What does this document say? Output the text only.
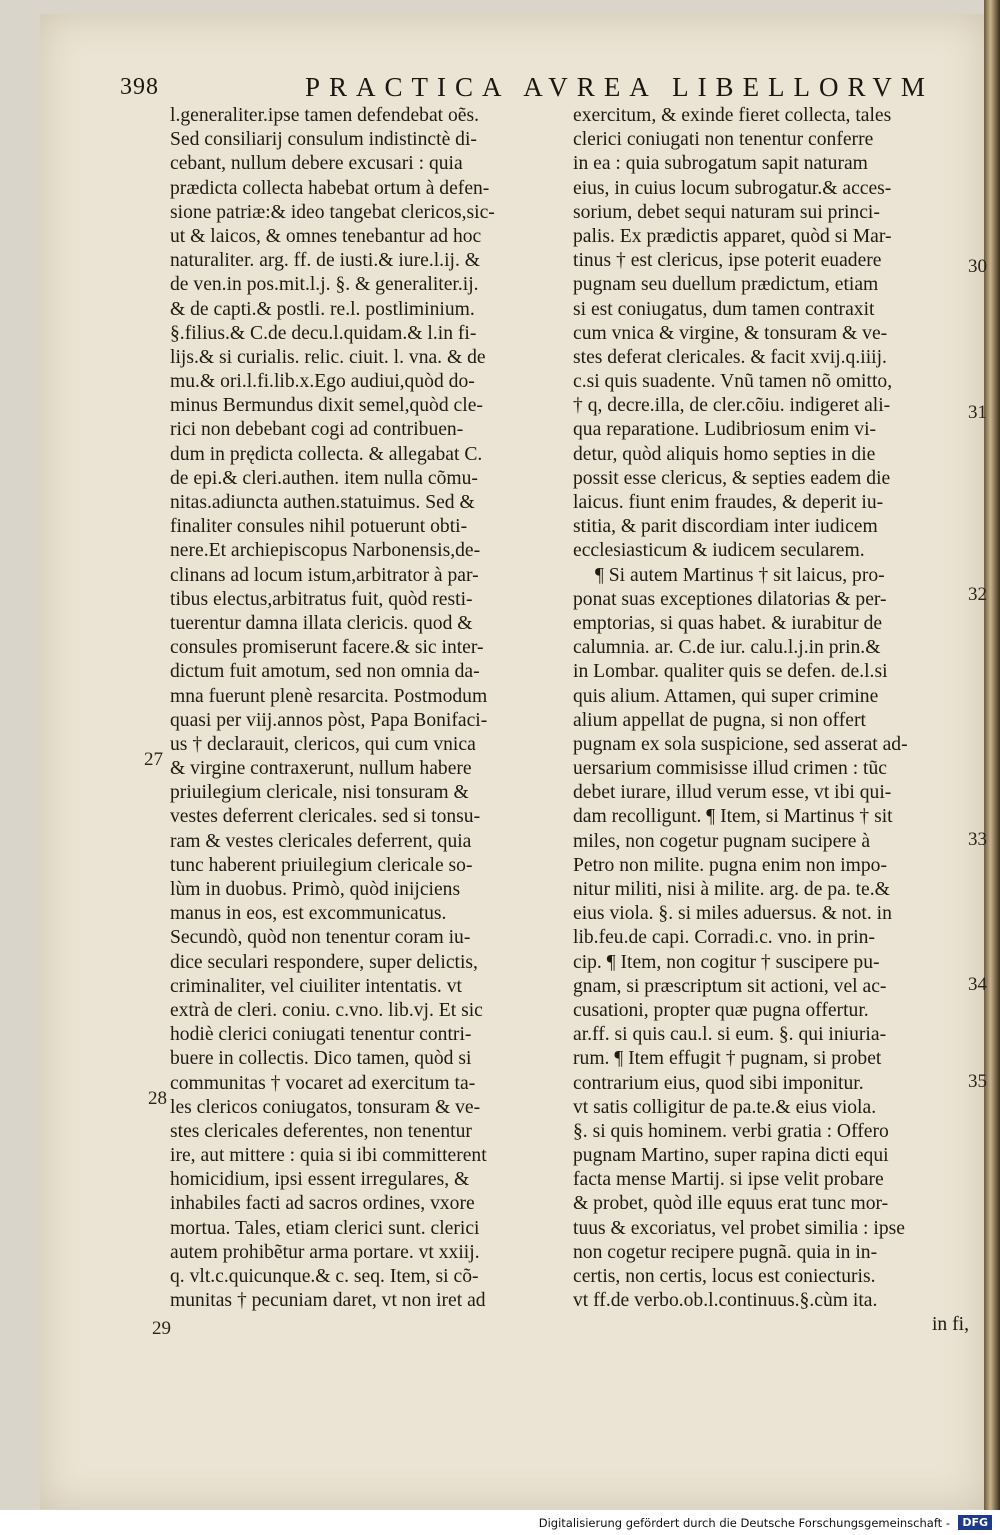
398	PRACTICA AVREA LIBELLORVM
l.generaliter.ipse tamen defendebat oẽs.
Sed consiliarij consulum indistinctè di-
cebant, nullum debere excusari : quia
prædicta collecta habebat ortum à defen-
sione patriæ:& ideo tangebat clericos,sic-
ut & laicos, & omnes tenebantur ad hoc
naturaliter. arg. ff. de iusti.& iure.l.ij. &
de ven.in pos.mit.l.j. §. & generaliter.ij.
& de capti.& postli. re.l. postliminium.
§.filius.& C.de decu.l.quidam.& l.in fi-
lijs.& si curialis. relic. ciuit. l. vna. & de
mu.& ori.l.fi.lib.x.Ego audiui,quòd do-
minus Bermundus dixit semel,quòd cle-
rici non debebant cogi ad contribuen-
dum in prędicta collecta. & allegabat C.
de epi.& cleri.authen. item nulla cõmu-
nitas.adiuncta authen.statuimus. Sed &
finaliter consules nihil potuerunt obti-
nere.Et archiepiscopus Narbonensis,de-
clinans ad locum istum,arbitrator à par-
tibus electus,arbitratus fuit, quòd resti-
tuerentur damna illata clericis. quod &
consules promiserunt facere.& sic inter-
dictum fuit amotum, sed non omnia da-
mna fuerunt plenè resarcita. Postmodum
quasi per viij.annos pòst, Papa Bonifaci-
us † declarauit, clericos, qui cum vnica
& virgine contraxerunt, nullum habere
priuilegium clericale, nisi tonsuram &
vestes deferrent clericales. sed si tonsu-
ram & vestes clericales deferrent, quia
tunc haberent priuilegium clericale so-
lùm in duobus. Primò, quòd inijciens
manus in eos, est excommunicatus.
Secundò, quòd non tenentur coram iu-
dice seculari respondere, super delictis,
criminaliter, vel ciuiliter intentatis. vt
extrà de cleri. coniu. c.vno. lib.vj. Et sic
hodiè clerici coniugati tenentur contri-
buere in collectis. Dico tamen, quòd si
communitas † vocaret ad exercitum ta-
les clericos coniugatos, tonsuram & ve-
stes clericales deferentes, non tenentur
ire, aut mittere : quia si ibi committerent
homicidium, ipsi essent irregulares, &
inhabiles facti ad sacros ordines, vxore
mortua. Tales, etiam clerici sunt. clerici
autem prohibẽtur arma portare. vt xxiij.
q. vlt.c.quicunque.& c. seq. Item, si cõ-
munitas † pecuniam daret, vt non iret ad
exercitum, & exinde fieret collecta, tales
clerici coniugati non tenentur conferre
in ea : quia subrogatum sapit naturam
eius, in cuius locum subrogatur.& acces-
sorium, debet sequi naturam sui princi-
palis. Ex prædictis apparet, quòd si Mar-
tinus † est clericus, ipse poterit euadere
pugnam seu duellum prædictum, etiam
si est coniugatus, dum tamen contraxit
cum vnica & virgine, & tonsuram & ve-
stes deferat clericales. & facit xvij.q.iiij.
c.si quis suadente. Vnũ tamen nõ omitto,
† q, decre.illa, de cler.cõiu. indigeret ali-
qua reparatione. Ludibriosum enim vi-
detur, quòd aliquis homo septies in die
possit esse clericus, & septies eadem die
laicus. fiunt enim fraudes, & deperit iu-
stitia, & parit discordiam inter iudicem
ecclesiasticum & iudicem secularem.
¶ Si autem Martinus † sit laicus, pro-
ponat suas exceptiones dilatorias & per-
emptorias, si quas habet. & iurabitur de
calumnia. ar. C.de iur. calu.l.j.in prin.&
in Lombar. qualiter quis se defen. de.l.si
quis alium. Attamen, qui super crimine
alium appellat de pugna, si non offert
pugnam ex sola suspicione, sed asserat ad-
uersarium commisisse illud crimen : tũc
debet iurare, illud verum esse, vt ibi qui-
dam recolligunt. ¶ Item, si Martinus † sit
miles, non cogetur pugnam sucipere à
Petro non milite. pugna enim non impo-
nitur militi, nisi à milite. arg. de pa. te.&
eius viola. §. si miles aduersus. & not. in
lib.feu.de capi. Corradi.c. vno. in prin-
cip. ¶ Item, non cogitur † suscipere pu-
gnam, si præscriptum sit actioni, vel ac-
cusationi, propter quæ pugna offertur.
ar.ff. si quis cau.l. si eum. §. qui iniuria-
rum. ¶ Item effugit † pugnam, si probet
contrarium eius, quod sibi imponitur.
vt satis colligitur de pa.te.& eius viola.
§. si quis hominem. verbi gratia : Offero
pugnam Martino, super rapina dicti equi
facta mense Martij. si ipse velit probare
& probet, quòd ille equus erat tunc mor-
tuus & excoriatus, vel probet similia : ipse
non cogetur recipere pugnã. quia in in-
certis, non certis, locus est coniecturis.
vt ff.de verbo.ob.l.continuus.§.cùm ita.
in fi,
27
28
29
30
31
32
33
34
35
Digitalisierung gefördert durch die Deutsche Forschungsgemeinschaft -	DFG
